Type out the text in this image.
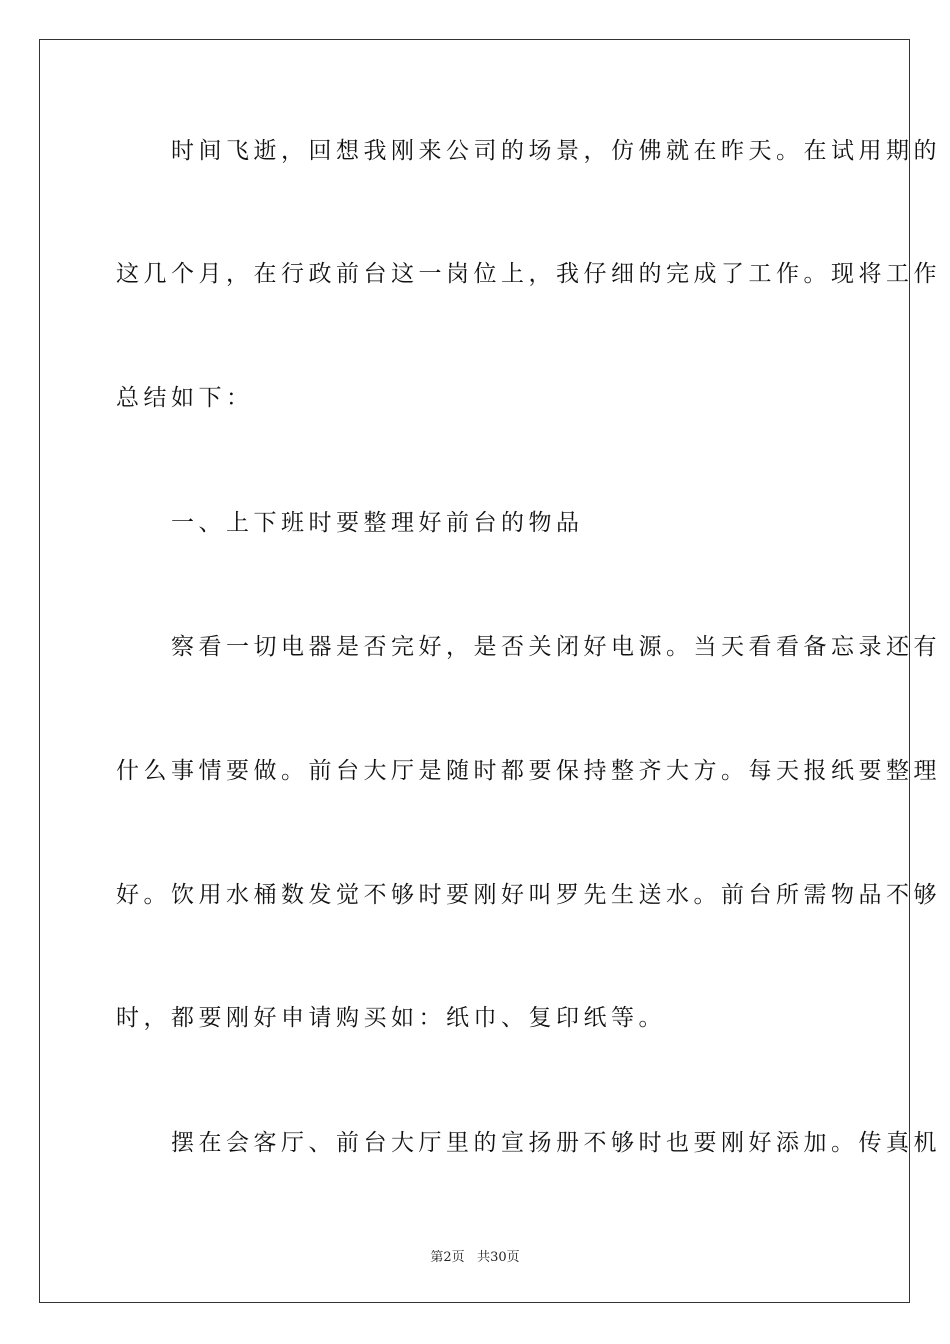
　　时间飞逝，回想我刚来公司的场景，仿佛就在昨天。在试用期的
这几个月，在行政前台这一岗位上，我仔细的完成了工作。现将工作
总结如下：
　　一、上下班时要整理好前台的物品
　　察看一切电器是否完好，是否关闭好电源。当天看看备忘录还有
什么事情要做。前台大厅是随时都要保持整齐大方。每天报纸要整理
好。饮用水桶数发觉不够时要刚好叫罗先生送水。前台所需物品不够
时，都要刚好申请购买如：纸巾、复印纸等。
　　摆在会客厅、前台大厅里的宣扬册不够时也要刚好添加。传真机
第2页 共30页
